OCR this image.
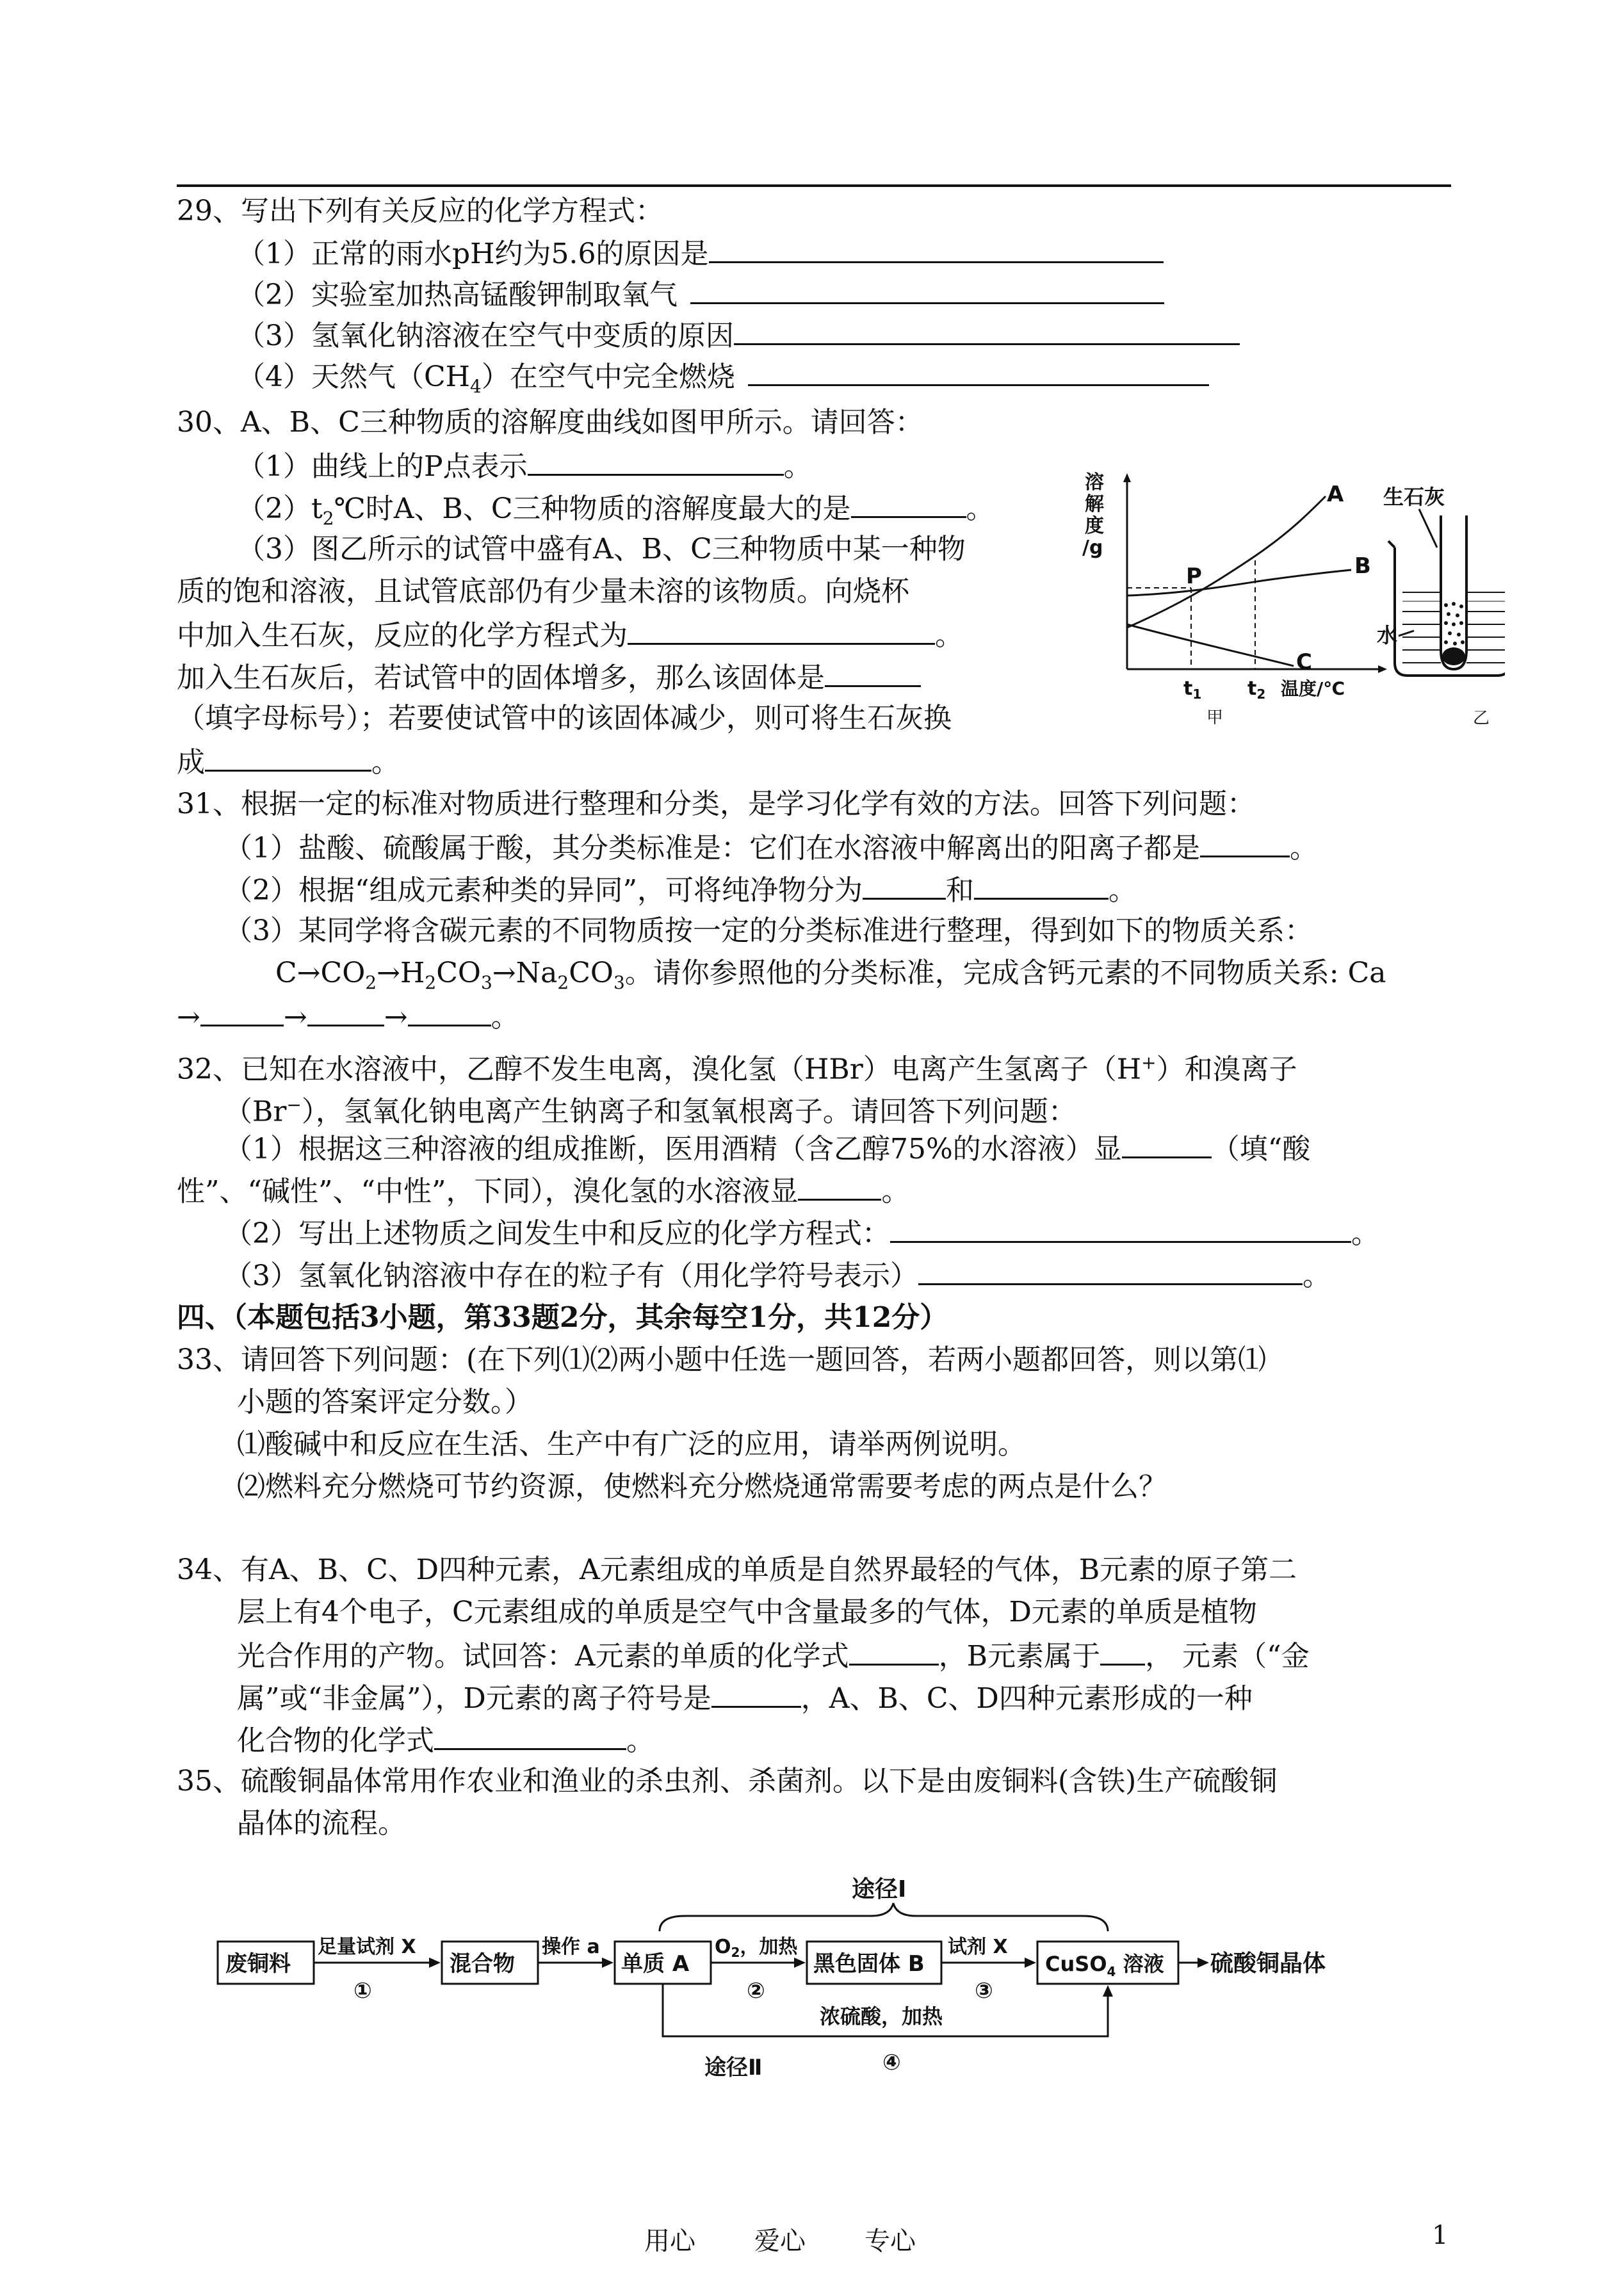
29、写出下列有关反应的化学方程式：
（1）正常的雨水pH约为5.6的原因是
（2）实验室加热高锰酸钾制取氧气
（3）氢氧化钠溶液在空气中变质的原因
（4）天然气$(CH_4)$在空气中完全燃烧
30、A、B、C三种物质的溶解度曲线如图甲所示。请回答：
（1）曲线上的P点表示	。
$(2)t_2℃$时A、B、C三种物质的溶解度最大的是	。
（3）图乙所示的试管中盛有A、B、C三种物质中某一种物
质的饱和溶液，且试管底部仍有少量未溶的该物质。向烧杯
中加入生石灰，反应的化学方程式为	。
加入生石灰后，若试管中的固体增多，那么该固体是
（填字母标号）；若要使试管中的该固体减少，则可将生石灰换
成	。
溶
解
度
/g
A
B
C
P
$t_1$ $t_2$ 温度/℃
甲
生石灰
水
乙
31、根据一定的标准对物质进行整理和分类，是学习化学有效的方法。回答下列问题：
（1）盐酸、硫酸属于酸，其分类标准是：它们在水溶液中解离出的阳离子都是	。
（2）根据“组成元素种类的异同”，可将纯净物分为	和	。
（3）某同学将含碳元素的不同物质按一定的分类标准进行整理，得到如下的物质关系：
$C\to CO_2\to H_2CO_3\to Na_2CO_3$。请你参照他的分类标准，完成含钙元素的不同物质关系: Ca
→	→	→	。
32、已知在水溶液中，乙醇不发生电离，溴化氢（HBr）电离产生氢离子（H+）和溴离子
（Br−），氢氧化钠电离产生钠离子和氢氧根离子。请回答下列问题：
（1）根据这三种溶液的组成推断，医用酒精（含乙醇75%的水溶液）显	（填“酸
性”、“碱性”、“中性”，下同），溴化氢的水溶液显	。
（2）写出上述物质之间发生中和反应的化学方程式：	。
（3）氢氧化钠溶液中存在的粒子有（用化学符号表示）	。
四、（本题包括3小题，第33题2分，其余每空1分，共12分）
33、请回答下列问题：(在下列⑴⑵两小题中任选一题回答，若两小题都回答，则以第⑴
小题的答案评定分数。）
⑴酸碱中和反应在生活、生产中有广泛的应用，请举两例说明。
⑵燃料充分燃烧可节约资源，使燃料充分燃烧通常需要考虑的两点是什么？
34、有A、B、C、D四种元素，A元素组成的单质是自然界最轻的气体，B元素的原子第二
层上有4个电子，C元素组成的单质是空气中含量最多的气体，D元素的单质是植物
光合作用的产物。试回答：A元素的单质的化学式	，B元素属于 ， 元素（“金
属”或“非金属”），D元素的离子符号是	，A、B、C、D四种元素形成的一种
化合物的化学式	。
35、硫酸铜晶体常用作农业和渔业的杀虫剂、杀菌剂。以下是由废铜料(含铁)生产硫酸铜
晶体的流程。
途径Ⅰ
废铜料	混合物	单质 A	黑色固体 B	CuSO$_4$ 溶液 硫酸铜晶体
足量试剂 X
①
操作 a	$O_2$，加热
②
试剂 X
③
浓硫酸，加热
途径Ⅱ	④
用心 爱心 专心	1
